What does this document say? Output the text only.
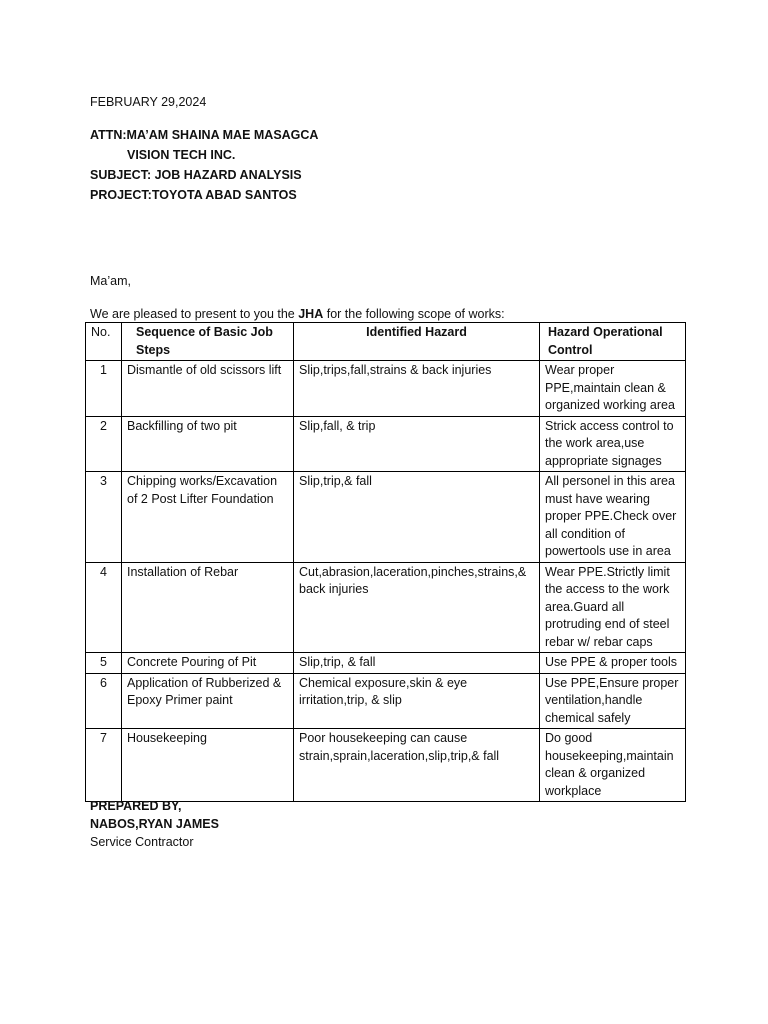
FEBRUARY 29,2024
ATTN:MA’AM SHAINA MAE MASAGCA
VISION TECH INC.
SUBJECT: JOB HAZARD ANALYSIS
PROJECT:TOYOTA ABAD SANTOS
Ma’am,
We are pleased to present to you the JHA for the following scope of works:
No.	Sequence of Basic Job Steps	Identified Hazard	Hazard Operational Control
1	Dismantle of old scissors lift	Slip,trips,fall,strains & back injuries	Wear proper PPE,maintain clean & organized working area
2	Backfilling of two pit	Slip,fall, & trip	Strick access control to the work area,use appropriate signages
3	Chipping works/Excavation of 2 Post Lifter Foundation	Slip,trip,& fall	All personel in this area must have wearing proper PPE.Check over all condition of powertools use in area
4	Installation of Rebar	Cut,abrasion,laceration,pinches,strains,& back injuries	Wear PPE.Strictly limit the access to the work area.Guard all protruding end of steel rebar w/ rebar caps
5	Concrete Pouring of Pit	Slip,trip, & fall	Use PPE & proper tools
6	Application of Rubberized & Epoxy Primer paint	Chemical exposure,skin & eye irritation,trip, & slip	Use PPE,Ensure proper ventilation,handle chemical safely
7	Housekeeping	Poor housekeeping can cause strain,sprain,laceration,slip,trip,& fall	Do good housekeeping,maintain clean & organized workplace
PREPARED BY,
NABOS,RYAN JAMES
Service Contractor
